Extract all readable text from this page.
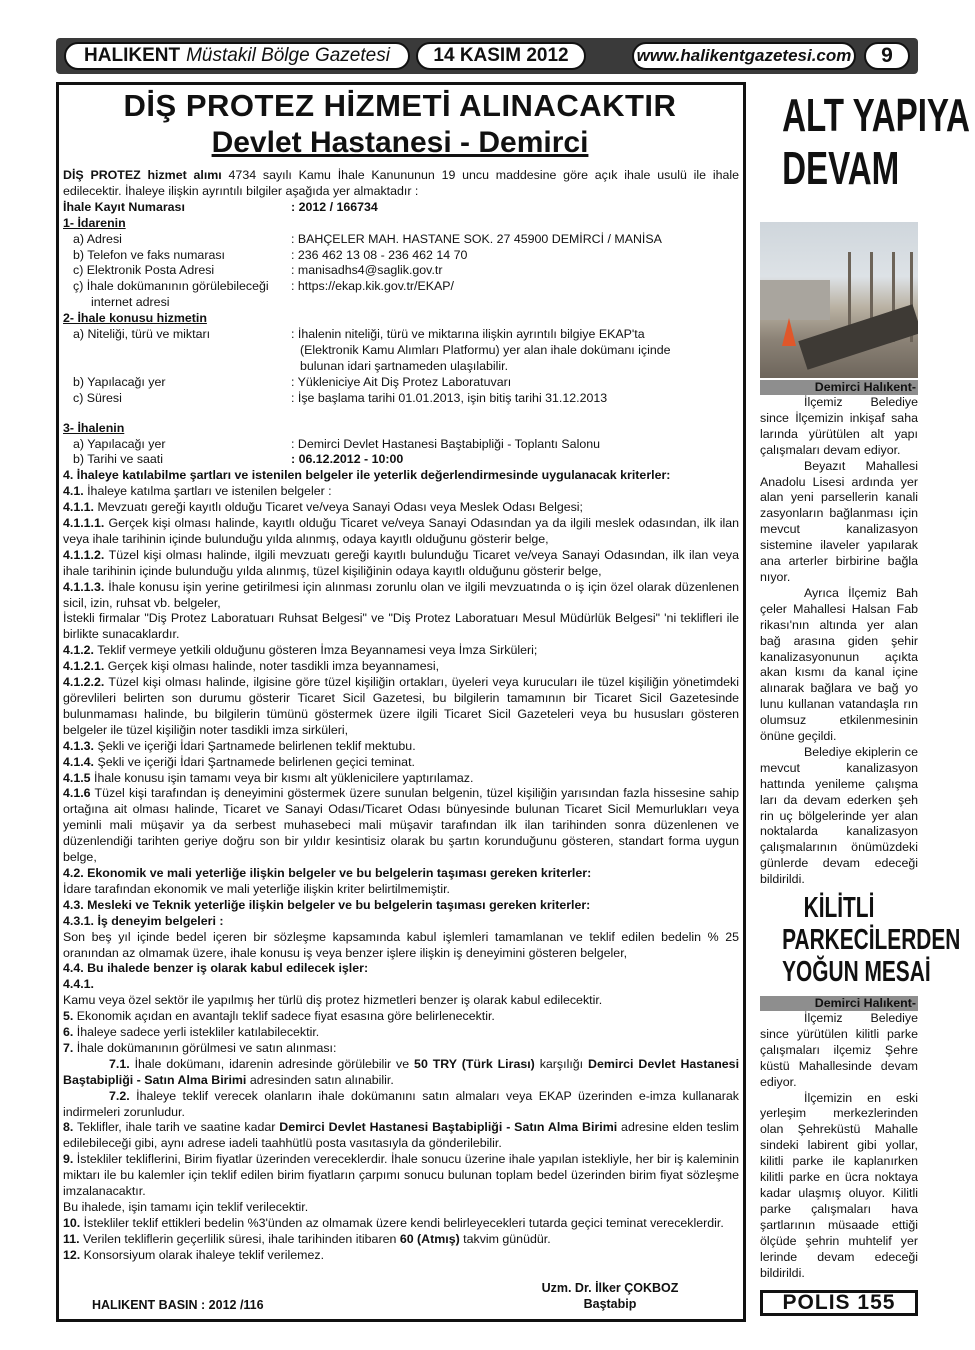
HALIKENT Müstakil Bölge Gazetesi	14 KASIM 2012	www.halikentgazetesi.com	9
DİŞ PROTEZ HİZMETİ ALINACAKTIR
Devlet Hastanesi - Demirci

DİŞ PROTEZ hizmet alımı 4734 sayılı Kamu İhale Kanununun 19 uncu maddesine göre açık ihale usulü ile ihale edilecektir. İhaleye ilişkin ayrıntılı bilgiler aşağıda yer almaktadır :

İhale Kayıt Numarası	: 2012 / 166734

1- İdarenin

a) Adresi	: BAHÇELER MAH. HASTANE SOK. 27 45900 DEMİRCİ / MANİSA
b) Telefon ve faks numarası	: 236 462 13 08 - 236 462 14 70
c) Elektronik Posta Adresi	: manisadhs4@saglik.gov.tr
ç) İhale dokümanının görülebileceği	: https://ekap.kik.gov.tr/EKAP/
internet adresi

2- İhale konusu hizmetin

a) Niteliği, türü ve miktarı	: İhalenin niteliği, türü ve miktarına ilişkin ayrıntılı bilgiye EKAP'ta
(Elektronik Kamu Alımları Platformu) yer alan ihale dokümanı içinde
bulunan idari şartnameden ulaşılabilir.
b) Yapılacağı yer	: Yükleniciye Ait Diş Protez Laboratuvarı
c) Süresi	: İşe başlama tarihi 01.01.2013, işin bitiş tarihi 31.12.2013

3- İhalenin

a) Yapılacağı yer	: Demirci Devlet Hastanesi Baştabipliği - Toplantı Salonu
b) Tarihi ve saati	: 06.12.2012 - 10:00

4. İhaleye katılabilme şartları ve istenilen belgeler ile yeterlik değerlendirmesinde uygulanacak kriterler:

4.1. İhaleye katılma şartları ve istenilen belgeler :

4.1.1. Mevzuatı gereği kayıtlı olduğu Ticaret ve/veya Sanayi Odası veya Meslek Odası Belgesi;

4.1.1.1. Gerçek kişi olması halinde, kayıtlı olduğu Ticaret ve/veya Sanayi Odasından ya da ilgili meslek odasından, ilk ilan veya ihale tarihinin içinde bulunduğu yılda alınmış, odaya kayıtlı olduğunu gösterir belge,

4.1.1.2. Tüzel kişi olması halinde, ilgili mevzuatı gereği kayıtlı bulunduğu Ticaret ve/veya Sanayi Odasından, ilk ilan veya ihale tarihinin içinde bulunduğu yılda alınmış, tüzel kişiliğinin odaya kayıtlı olduğunu gösterir belge,

4.1.1.3. İhale konusu işin yerine getirilmesi için alınması zorunlu olan ve ilgili mevzuatında o iş için özel olarak düzenlenen sicil, izin, ruhsat vb. belgeler,

İstekli firmalar "Diş Protez Laboratuarı Ruhsat Belgesi" ve "Diş Protez Laboratuarı Mesul Müdürlük Belgesi" 'ni teklifleri ile birlikte sunacaklardır.

4.1.2. Teklif vermeye yetkili olduğunu gösteren İmza Beyannamesi veya İmza Sirküleri;

4.1.2.1. Gerçek kişi olması halinde, noter tasdikli imza beyannamesi,

4.1.2.2. Tüzel kişi olması halinde, ilgisine göre tüzel kişiliğin ortakları, üyeleri veya kurucuları ile tüzel kişiliğin yönetimdeki görevlileri belirten son durumu gösterir Ticaret Sicil Gazetesi, bu bilgilerin tamamının bir Ticaret Sicil Gazetesinde bulunmaması halinde, bu bilgilerin tümünü göstermek üzere ilgili Ticaret Sicil Gazeteleri veya bu hususları gösteren belgeler ile tüzel kişiliğin noter tasdikli imza sirküleri,

4.1.3. Şekli ve içeriği İdari Şartnamede belirlenen teklif mektubu.

4.1.4. Şekli ve içeriği İdari Şartnamede belirlenen geçici teminat.

4.1.5 İhale konusu işin tamamı veya bir kısmı alt yüklenicilere yaptırılamaz.

4.1.6 Tüzel kişi tarafından iş deneyimini göstermek üzere sunulan belgenin, tüzel kişiliğin yarısından fazla hissesine sahip ortağına ait olması halinde, Ticaret ve Sanayi Odası/Ticaret Odası bünyesinde bulunan Ticaret Sicil Memurlukları veya yeminli mali müşavir ya da serbest muhasebeci mali müşavir tarafından ilk ilan tarihinden sonra düzenlenen ve düzenlendiği tarihten geriye doğru son bir yıldır kesintisiz olarak bu şartın korunduğunu gösteren, standart forma uygun belge,

4.2. Ekonomik ve mali yeterliğe ilişkin belgeler ve bu belgelerin taşıması gereken kriterler:

İdare tarafından ekonomik ve mali yeterliğe ilişkin kriter belirtilmemiştir.

4.3. Mesleki ve Teknik yeterliğe ilişkin belgeler ve bu belgelerin taşıması gereken kriterler:

4.3.1. İş deneyim belgeleri :

Son beş yıl içinde bedel içeren bir sözleşme kapsamında kabul işlemleri tamamlanan ve teklif edilen bedelin % 25 oranından az olmamak üzere, ihale konusu iş veya benzer işlere ilişkin iş deneyimini gösteren belgeler,

4.4. Bu ihalede benzer iş olarak kabul edilecek işler:

4.4.1.

Kamu veya özel sektör ile yapılmış her türlü diş protez hizmetleri benzer iş olarak kabul edilecektir.

5. Ekonomik açıdan en avantajlı teklif sadece fiyat esasına göre belirlenecektir.

6. İhaleye sadece yerli istekliler katılabilecektir.

7. İhale dokümanının görülmesi ve satın alınması:

7.1. İhale dokümanı, idarenin adresinde görülebilir ve 50 TRY (Türk Lirası) karşılığı Demirci Devlet Hastanesi Baştabipliği - Satın Alma Birimi adresinden satın alınabilir.

7.2. İhaleye teklif verecek olanların ihale dokümanını satın almaları veya EKAP üzerinden e-imza kullanarak indirmeleri zorunludur.

8. Teklifler, ihale tarih ve saatine kadar Demirci Devlet Hastanesi Baştabipliği - Satın Alma Birimi adresine elden teslim edilebileceği gibi, aynı adrese iadeli taahhütlü posta vasıtasıyla da gönderilebilir.

9. İstekliler tekliflerini, Birim fiyatlar üzerinden vereceklerdir. İhale sonucu üzerine ihale yapılan istekliyle, her bir iş kaleminin miktarı ile bu kalemler için teklif edilen birim fiyatların çarpımı sonucu bulunan toplam bedel üzerinden birim fiyat sözleşme imzalanacaktır.

Bu ihalede, işin tamamı için teklif verilecektir.

10. İstekliler teklif ettikleri bedelin %3'ünden az olmamak üzere kendi belirleyecekleri tutarda geçici teminat vereceklerdir.

11. Verilen tekliflerin geçerlilik süresi, ihale tarihinden itibaren 60 (Atmış) takvim günüdür.

12. Konsorsiyum olarak ihaleye teklif verilemez.

Uzm. Dr. İlker ÇOKBOZ
Baştabip
HALIKENT BASIN : 2012 /116
ALT YAPIYA
DEVAM
Demirci Halıkent-

İlçemiz Belediye since İlçemizin inkişaf saha larında yürütülen alt yapı çalışmaları devam ediyor.

Beyazıt Mahallesi Anadolu Lisesi ardında yer alan yeni parsellerin kanali zasyonların bağlanması için mevcut kanalizasyon sistemine ilaveler yapılarak ana arterler birbirine bağla nıyor.

Ayrıca İlçemiz Bah çeler Mahallesi Halsan Fab rikası'nın altında yer alan bağ arasına giden şehir kanalizasyonunun açıkta akan kısmı da kanal içine alınarak bağlara ve bağ yo lunu kullanan vatandaşla rın olumsuz etkilenmesinin önüne geçildi.

Belediye ekiplerin ce mevcut kanalizasyon hattında yenileme çalışma ları da devam ederken şeh rin uç bölgelerinde yer alan noktalarda kanalizasyon çalışmalarının önümüzdeki günlerde devam edeceği bildirildi.

KİLİTLİ
PARKECİLERDEN
YOĞUN MESAİ
Demirci Halıkent-

İlçemiz Belediye since yürütülen kilitli parke çalışmaları ilçemiz Şehre küstü Mahallesinde devam ediyor.

İlçemizin en eski yerleşim merkezlerinden olan Şehreküstü Mahalle sindeki labirent gibi yollar, kilitli parke ile kaplanırken kilitli parke en ücra noktaya kadar ulaşmış oluyor. Kilitli parke çalışmaları hava şartlarının müsaade ettiği ölçüde şehrin muhtelif yer lerinde devam edeceği bildirildi.

POLİS 155
